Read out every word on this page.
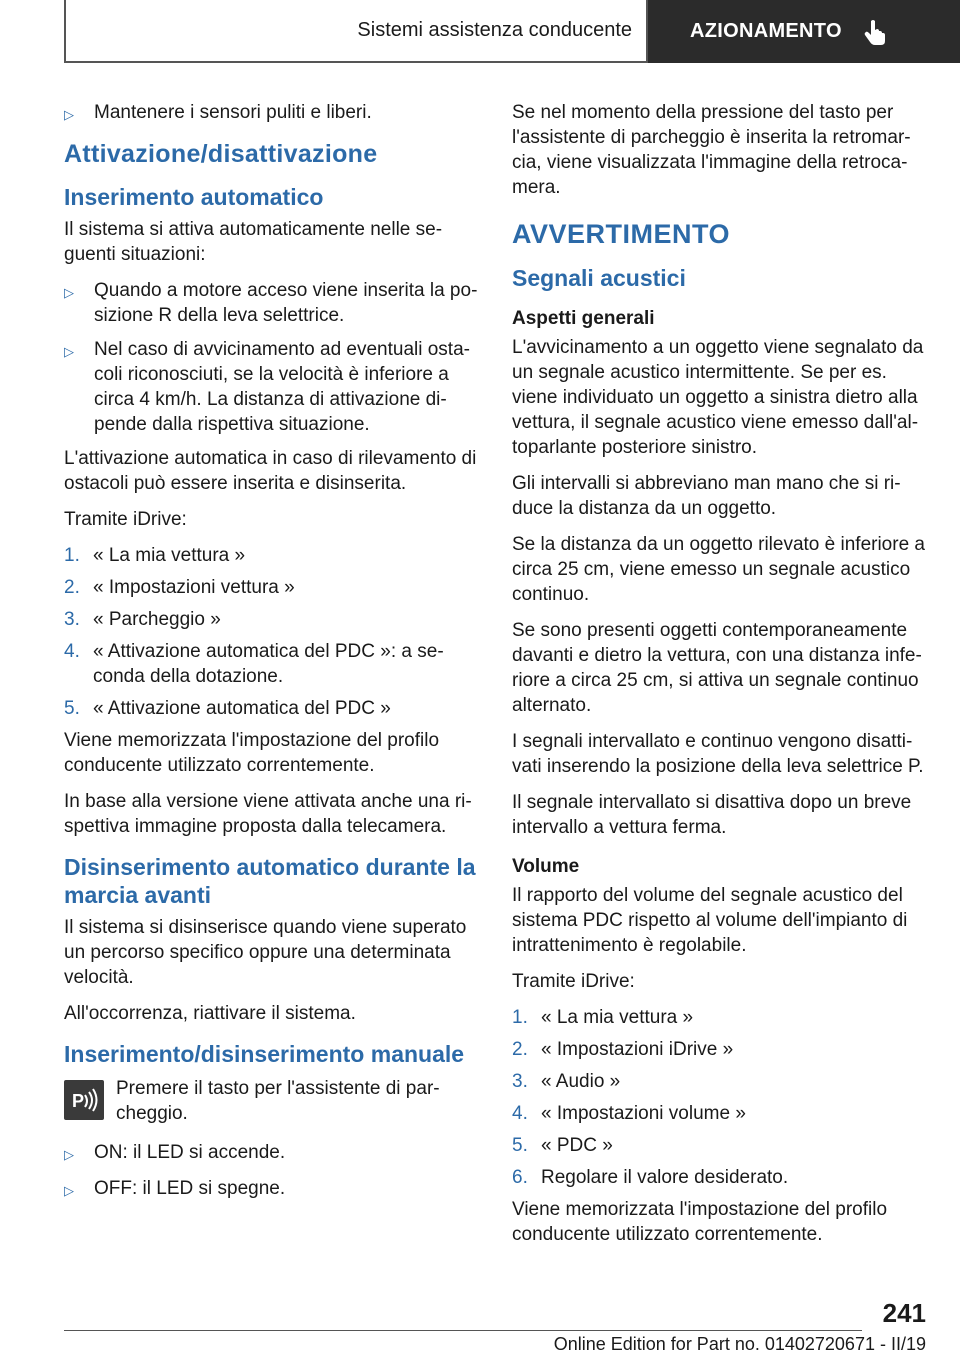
Sistemi assistenza conducente	AZIONAMENTO
▷	Mantenere i sensori puliti e liberi.
Attivazione/disattivazione
Inserimento automatico

Il sistema si attiva automaticamente nelle seguenti situazioni:

▷	Quando a motore acceso viene inserita la posizione R della leva selettrice.
▷	Nel caso di avvicinamento ad eventuali ostacoli riconosciuti, se la velocità è inferiore a circa 4 km/h. La distanza di attivazione dipende dalla rispettiva situazione.

L'attivazione automatica in caso di rilevamento di ostacoli può essere inserita e disinserita.

Tramite iDrive:

1. « La mia vettura »
2. « Impostazioni vettura »
3. « Parcheggio »
4. « Attivazione automatica del PDC »: a seconda della dotazione.
5. « Attivazione automatica del PDC »

Viene memorizzata l'impostazione del profilo conducente utilizzato correntemente.

In base alla versione viene attivata anche una rispettiva immagine proposta dalla telecamera.

Disinserimento automatico durante la marcia avanti

Il sistema si disinserisce quando viene superato un percorso specifico oppure una determinata velocità.

All'occorrenza, riattivare il sistema.

Inserimento/disinserimento manuale
P
Premere il tasto per l'assistente di parcheggio.
▷	ON: il LED si accende.
▷	OFF: il LED si spegne.

Se nel momento della pressione del tasto per l'assistente di parcheggio è inserita la retromarcia, viene visualizzata l'immagine della retrocamera.

AVVERTIMENTO
Segnali acustici
Aspetti generali

L'avvicinamento a un oggetto viene segnalato da un segnale acustico intermittente. Se per es. viene individuato un oggetto a sinistra dietro alla vettura, il segnale acustico viene emesso dall'altoparlante posteriore sinistro.

Gli intervalli si abbreviano man mano che si riduce la distanza da un oggetto.

Se la distanza da un oggetto rilevato è inferiore a circa 25 cm, viene emesso un segnale acustico continuo.

Se sono presenti oggetti contemporaneamente davanti e dietro la vettura, con una distanza inferiore a circa 25 cm, si attiva un segnale continuo alternato.

I segnali intervallato e continuo vengono disattivati inserendo la posizione della leva selettrice P.

Il segnale intervallato si disattiva dopo un breve intervallo a vettura ferma.

Volume

Il rapporto del volume del segnale acustico del sistema PDC rispetto al volume dell'impianto di intrattenimento è regolabile.

Tramite iDrive:

1. « La mia vettura »
2. « Impostazioni iDrive »
3. « Audio »
4. « Impostazioni volume »
5. « PDC »
6. Regolare il valore desiderato.

Viene memorizzata l'impostazione del profilo conducente utilizzato correntemente.

241
Online Edition for Part no. 01402720671 - II/19
